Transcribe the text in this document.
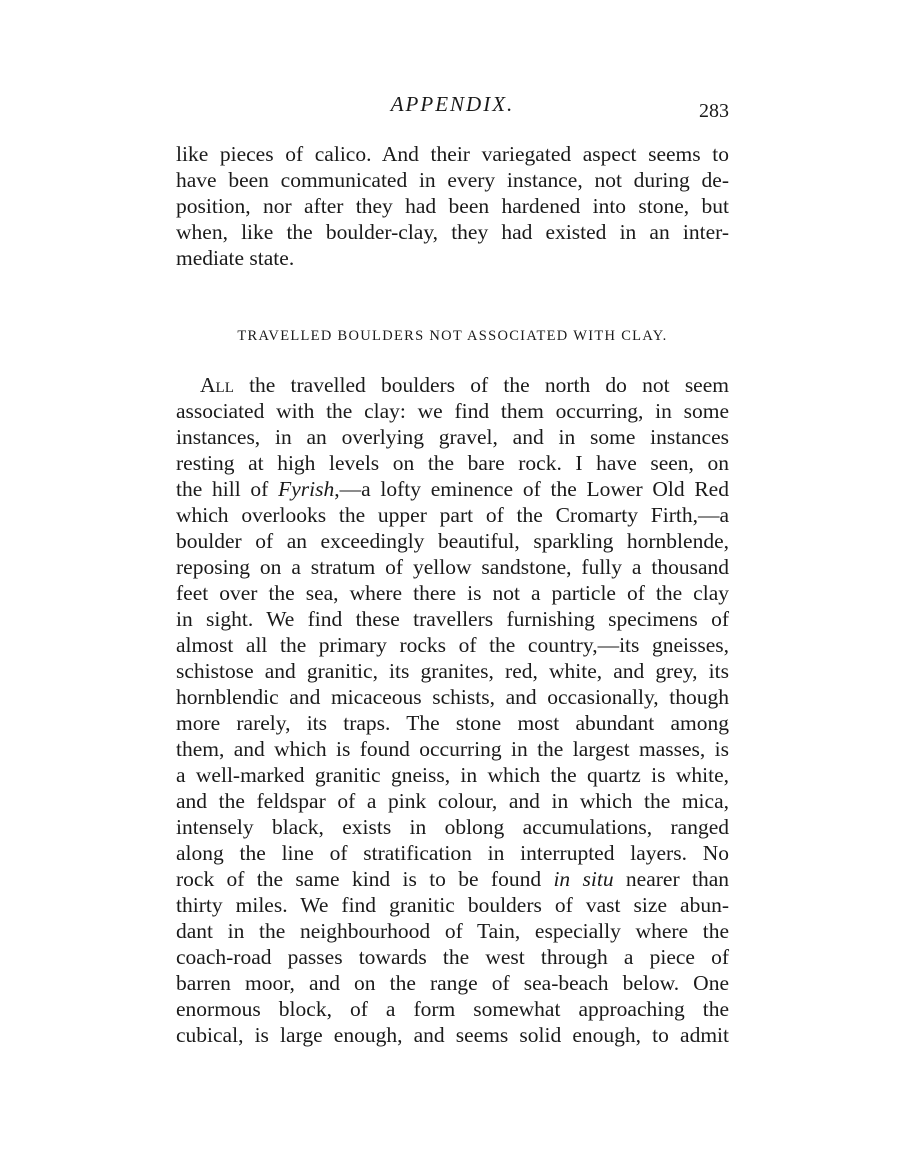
APPENDIX.	283

like pieces of calico. And their variegated aspect seems to
have been communicated in every instance, not during de-
position, nor after they had been hardened into stone, but
when, like the boulder-clay, they had existed in an inter-
mediate state.

TRAVELLED BOULDERS NOT ASSOCIATED WITH CLAY.

All the travelled boulders of the north do not seem
associated with the clay: we find them occurring, in some
instances, in an overlying gravel, and in some instances
resting at high levels on the bare rock. I have seen, on
the hill of Fyrish,—a lofty eminence of the Lower Old Red
which overlooks the upper part of the Cromarty Firth,—a
boulder of an exceedingly beautiful, sparkling hornblende,
reposing on a stratum of yellow sandstone, fully a thousand
feet over the sea, where there is not a particle of the clay
in sight. We find these travellers furnishing specimens of
almost all the primary rocks of the country,—its gneisses,
schistose and granitic, its granites, red, white, and grey, its
hornblendic and micaceous schists, and occasionally, though
more rarely, its traps. The stone most abundant among
them, and which is found occurring in the largest masses, is
a well-marked granitic gneiss, in which the quartz is white,
and the feldspar of a pink colour, and in which the mica,
intensely black, exists in oblong accumulations, ranged
along the line of stratification in interrupted layers. No
rock of the same kind is to be found in situ nearer than
thirty miles. We find granitic boulders of vast size abun-
dant in the neighbourhood of Tain, especially where the
coach-road passes towards the west through a piece of
barren moor, and on the range of sea-beach below. One
enormous block, of a form somewhat approaching the
cubical, is large enough, and seems solid enough, to admit
